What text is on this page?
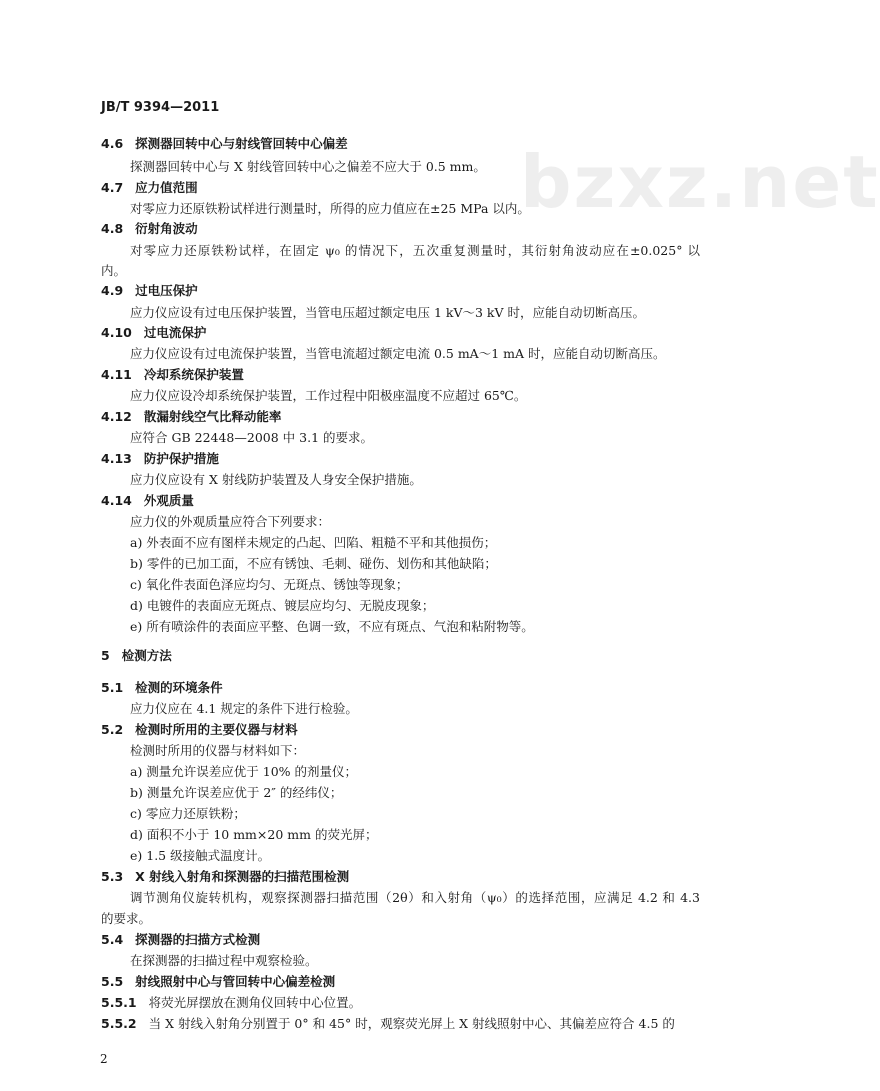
JB/T 9394—2011
bzxz.net
4.6 探测器回转中心与射线管回转中心偏差
探测器回转中心与 X 射线管回转中心之偏差不应大于 0.5 mm。
4.7 应力值范围
对零应力还原铁粉试样进行测量时，所得的应力值应在±25 MPa 以内。
4.8 衍射角波动
对零应力还原铁粉试样，在固定 ψ₀ 的情况下，五次重复测量时，其衍射角波动应在±0.025° 以
内。
4.9 过电压保护
应力仪应设有过电压保护装置，当管电压超过额定电压 1 kV～3 kV 时，应能自动切断高压。
4.10 过电流保护
应力仪应设有过电流保护装置，当管电流超过额定电流 0.5 mA～1 mA 时，应能自动切断高压。
4.11 冷却系统保护装置
应力仪应设冷却系统保护装置，工作过程中阳极座温度不应超过 65℃。
4.12 散漏射线空气比释动能率
应符合 GB 22448—2008 中 3.1 的要求。
4.13 防护保护措施
应力仪应设有 X 射线防护装置及人身安全保护措施。
4.14 外观质量
应力仪的外观质量应符合下列要求：
a) 外表面不应有图样未规定的凸起、凹陷、粗糙不平和其他损伤；
b) 零件的已加工面，不应有锈蚀、毛刺、碰伤、划伤和其他缺陷；
c) 氧化件表面色泽应均匀、无斑点、锈蚀等现象；
d) 电镀件的表面应无斑点、镀层应均匀、无脱皮现象；
e) 所有喷涂件的表面应平整、色调一致，不应有斑点、气泡和粘附物等。
5 检测方法
5.1 检测的环境条件
应力仪应在 4.1 规定的条件下进行检验。
5.2 检测时所用的主要仪器与材料
检测时所用的仪器与材料如下：
a) 测量允许误差应优于 10% 的剂量仪；
b) 测量允许误差应优于 2″ 的经纬仪；
c) 零应力还原铁粉；
d) 面积不小于 10 mm×20 mm 的荧光屏；
e) 1.5 级接触式温度计。
5.3 X 射线入射角和探测器的扫描范围检测
调节测角仪旋转机构，观察探测器扫描范围（2θ）和入射角（ψ₀）的选择范围，应满足 4.2 和 4.3
的要求。
5.4 探测器的扫描方式检测
在探测器的扫描过程中观察检验。
5.5 射线照射中心与管回转中心偏差检测
5.5.1 将荧光屏摆放在测角仪回转中心位置。
5.5.2 当 X 射线入射角分别置于 0° 和 45° 时，观察荧光屏上 X 射线照射中心、其偏差应符合 4.5 的
2
